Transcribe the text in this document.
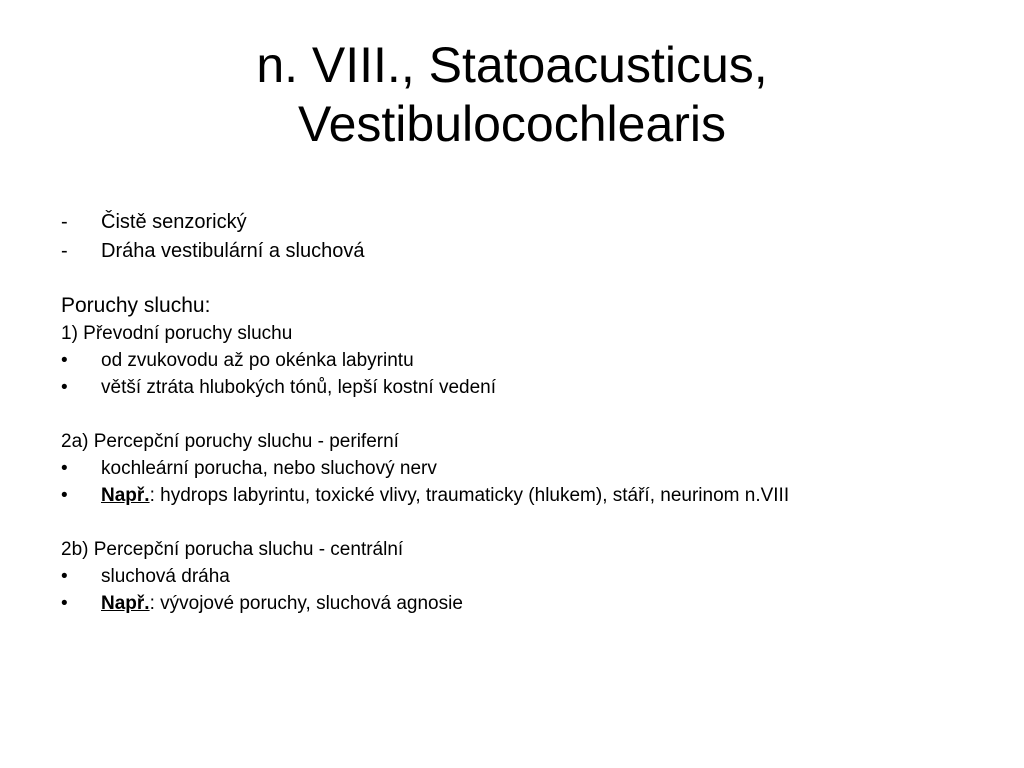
n. VIII., Statoacusticus,
Vestibulocochlearis
-	Čistě senzorický
-	Dráha vestibulární a sluchová
Poruchy sluchu:
1) Převodní poruchy sluchu
•	od zvukovodu až po okénka labyrintu
•	větší ztráta hlubokých tónů, lepší kostní vedení
2a) Percepční poruchy sluchu - periferní
•	kochleární porucha, nebo sluchový nerv
•	Např.: hydrops labyrintu, toxické vlivy, traumaticky (hlukem), stáří, neurinom n.VIII
2b) Percepční porucha sluchu - centrální
•	sluchová dráha
•	Např.: vývojové poruchy, sluchová agnosie
